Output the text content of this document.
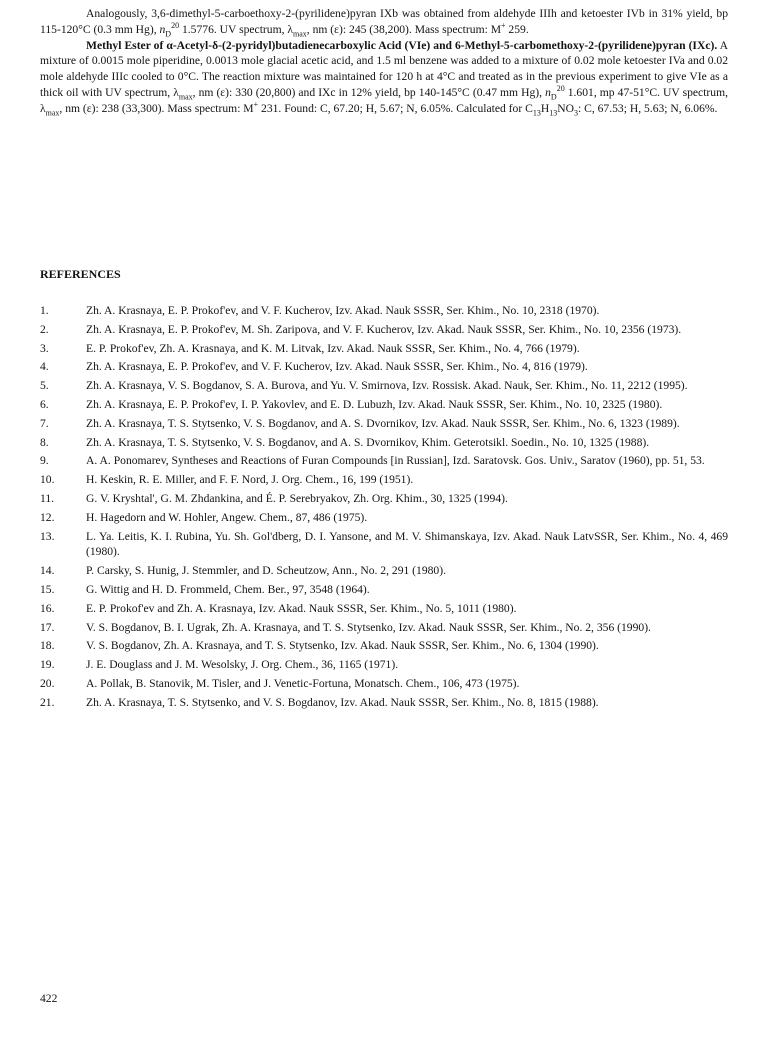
Analogously, 3,6-dimethyl-5-carboethoxy-2-(pyrilidene)pyran IXb was obtained from aldehyde IIIh and ketoester IVb in 31% yield, bp 115-120°C (0.3 mm Hg), $n_D^{20}$ 1.5776. UV spectrum, $\lambda_{max}$, nm (ε): 245 (38,200). Mass spectrum: M+ 259.

Methyl Ester of α-Acetyl-δ-(2-pyridyl)butadienecarboxylic Acid (VIe) and 6-Methyl-5-carbomethoxy-2-(pyrilidene)pyran (IXc). A mixture of 0.0015 mole piperidine, 0.0013 mole glacial acetic acid, and 1.5 ml benzene was added to a mixture of 0.02 mole ketoester IVa and 0.02 mole aldehyde IIIc cooled to 0°C. The reaction mixture was maintained for 120 h at 4°C and treated as in the previous experiment to give VIe as a thick oil with UV spectrum, $\lambda_{max}$, nm (ε): 330 (20,800) and IXc in 12% yield, bp 140-145°C (0.47 mm Hg), $n_D^{20}$ 1.601, mp 47-51°C. UV spectrum, $\lambda_{max}$, nm (ε): 238 (33,300). Mass spectrum: M+ 231. Found: C, 67.20; H, 5.67; N, 6.05%. Calculated for $C_{13}H_{13}NO_3$: C, 67.53; H, 5.63; N, 6.06%.

REFERENCES
1.	Zh. A. Krasnaya, E. P. Prokof'ev, and V. F. Kucherov, Izv. Akad. Nauk SSSR, Ser. Khim., No. 10, 2318 (1970).
2.	Zh. A. Krasnaya, E. P. Prokof'ev, M. Sh. Zaripova, and V. F. Kucherov, Izv. Akad. Nauk SSSR, Ser. Khim., No. 10, 2356 (1973).
3.	E. P. Prokof'ev, Zh. A. Krasnaya, and K. M. Litvak, Izv. Akad. Nauk SSSR, Ser. Khim., No. 4, 766 (1979).
4.	Zh. A. Krasnaya, E. P. Prokof'ev, and V. F. Kucherov, Izv. Akad. Nauk SSSR, Ser. Khim., No. 4, 816 (1979).
5.	Zh. A. Krasnaya, V. S. Bogdanov, S. A. Burova, and Yu. V. Smirnova, Izv. Rossisk. Akad. Nauk, Ser. Khim., No. 11, 2212 (1995).
6.	Zh. A. Krasnaya, E. P. Prokof'ev, I. P. Yakovlev, and E. D. Lubuzh, Izv. Akad. Nauk SSSR, Ser. Khim., No. 10, 2325 (1980).
7.	Zh. A. Krasnaya, T. S. Stytsenko, V. S. Bogdanov, and A. S. Dvornikov, Izv. Akad. Nauk SSSR, Ser. Khim., No. 6, 1323 (1989).
8.	Zh. A. Krasnaya, T. S. Stytsenko, V. S. Bogdanov, and A. S. Dvornikov, Khim. Geterotsikl. Soedin., No. 10, 1325 (1988).
9.	A. A. Ponomarev, Syntheses and Reactions of Furan Compounds [in Russian], Izd. Saratovsk. Gos. Univ., Saratov (1960), pp. 51, 53.
10.	H. Keskin, R. E. Miller, and F. F. Nord, J. Org. Chem., 16, 199 (1951).
11.	G. V. Kryshtal', G. M. Zhdankina, and É. P. Serebryakov, Zh. Org. Khim., 30, 1325 (1994).
12.	H. Hagedorn and W. Hohler, Angew. Chem., 87, 486 (1975).
13.	L. Ya. Leitis, K. I. Rubina, Yu. Sh. Gol'dberg, D. I. Yansone, and M. V. Shimanskaya, Izv. Akad. Nauk LatvSSR, Ser. Khim., No. 4, 469 (1980).
14.	P. Carsky, S. Hunig, J. Stemmler, and D. Scheutzow, Ann., No. 2, 291 (1980).
15.	G. Wittig and H. D. Frommeld, Chem. Ber., 97, 3548 (1964).
16.	E. P. Prokof'ev and Zh. A. Krasnaya, Izv. Akad. Nauk SSSR, Ser. Khim., No. 5, 1011 (1980).
17.	V. S. Bogdanov, B. I. Ugrak, Zh. A. Krasnaya, and T. S. Stytsenko, Izv. Akad. Nauk SSSR, Ser. Khim., No. 2, 356 (1990).
18.	V. S. Bogdanov, Zh. A. Krasnaya, and T. S. Stytsenko, Izv. Akad. Nauk SSSR, Ser. Khim., No. 6, 1304 (1990).
19.	J. E. Douglass and J. M. Wesolsky, J. Org. Chem., 36, 1165 (1971).
20.	A. Pollak, B. Stanovik, M. Tisler, and J. Venetic-Fortuna, Monatsch. Chem., 106, 473 (1975).
21.	Zh. A. Krasnaya, T. S. Stytsenko, and V. S. Bogdanov, Izv. Akad. Nauk SSSR, Ser. Khim., No. 8, 1815 (1988).
422
